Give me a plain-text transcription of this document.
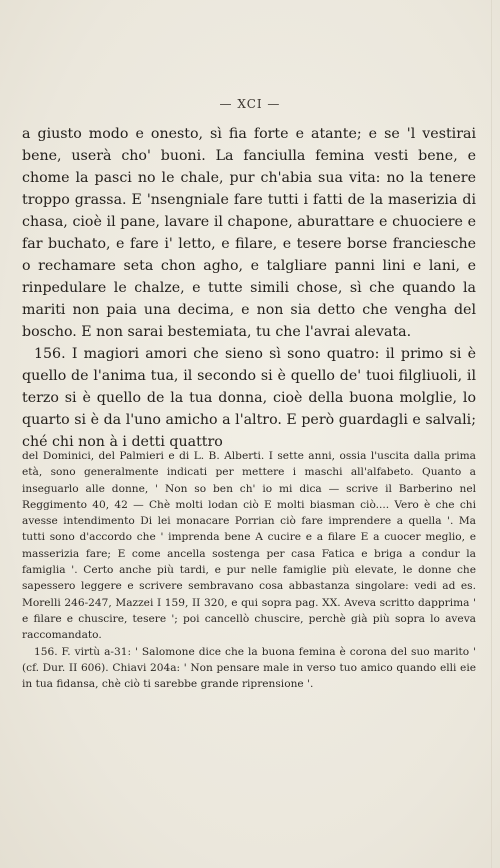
— XCI —

a giusto modo e onesto, sì fia forte e atante; e se 'l vestirai bene, userà cho' buoni. La fanciulla femina vesti bene, e chome la pasci no le chale, pur ch'abia sua vita: no la tenere troppo grassa. E 'nsengniale fare tutti i fatti de la maserizia di chasa, cioè il pane, lavare il chapone, aburattare e chuociere e far buchato, e fare i' letto, e filare, e tesere borse franciesche o rechamare seta chon agho, e talgliare panni lini e lani, e rinpedulare le chalze, e tutte simili chose, sì che quando la mariti non paia una decima, e non sia detto che vengha del boscho. E non sarai bestemiata, tu che l'avrai alevata.

156. I magiori amori che sieno sì sono quatro: il primo si è quello de l'anima tua, il secondo si è quello de' tuoi filgliuoli, il terzo si è quello de la tua donna, cioè della buona molglie, lo quarto si è da l'uno amicho a l'altro. E però guardagli e salvali; ché chi non à i detti quattro

del Dominici, del Palmieri e di L. B. Alberti. I sette anni, ossia l'uscita dalla prima età, sono generalmente indicati per mettere i maschi all'alfabeto. Quanto a inseguarlo alle donne, ' Non so ben ch' io mi dica — scrive il Barberino nel Reggimento 40, 42 — Chè molti lodan ciò E molti biasman ciò.... Vero è che chi avesse intendimento Di lei monacare Porrian ciò fare imprendere a quella '. Ma tutti sono d'accordo che ' imprenda bene A cucire e a filare E a cuocer meglio, e masserizia fare; E come ancella sostenga per casa Fatica e briga a condur la famiglia '. Certo anche più tardi, e pur nelle famiglie più elevate, le donne che sapessero leggere e scrivere sembravano cosa abbastanza singolare: vedi ad es. Morelli 246-247, Mazzei I 159, II 320, e qui sopra pag. XX. Aveva scritto dapprima ' e filare e chuscire, tesere '; poi cancellò chuscire, perchè già più sopra lo aveva raccomandato.

156. F. virtù a-31: ' Salomone dice che la buona femina è corona del suo marito ' (cf. Dur. II 606). Chiavi 204a: ' Non pensare male in verso tuo amico quando elli eie in tua fidansa, chè ciò ti sarebbe grande riprensione '.
